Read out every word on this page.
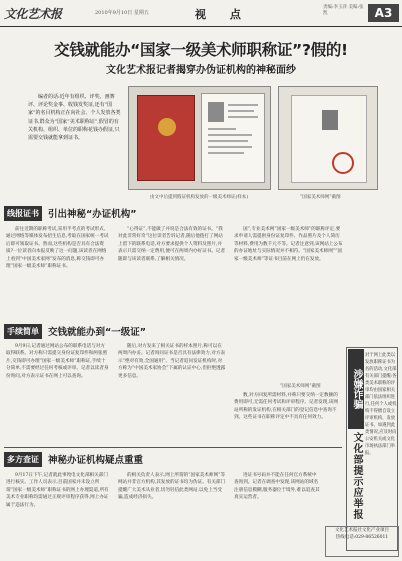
文化艺术报	2010年9月10日 星期五	视 点
责编:李玉萍 美编:张凯	A3
交钱就能办“国家一级美术师职称证”?假的!
文化艺术报记者揭穿办伪证机构的神秘面纱
编者的话:近年有组织、评奖、画赛评、评论奖金事、收钱发奖证,还有“国家”的名目机构正在向社会、个人发放各类证书,群众为“国家“美术职称证”,假冒的有关机构、组织、单位的职称花钱办假证,只需要交钱就能拿到证书。
由文中后提到假证机构发放的一级美术师证(样本)	“国家美术师网”截图
线报证书 引出神秘“办证机构”
前往近期的职称考试,采用半考点的考试形式,通过网络等媒体发布招生信息,考取在国家统一考试后即可领取证书。然而,这些机构是否具有合法资质?一位读者向本报反映了这一问题,该读者在网络上看到“中国美术家网”发布的消息,称交钱即可办理“国家一级美术师”职称证书。
“心得证”,不能做了并说是合法有效的证书。“我对此非常好奇”这位读者告诉记者,随后他拨打了网站上留下的联系电话,对方要求提供个人资料及照片,并表示只需交纳一定费用,便可在两周内办好证书。记者随即与该读者联系,了解相关情况。
国”,专业美术网“国家一级美术师”的职称评定,要求申请人需提供身份证复印件、作品照片及个人简历等材料,费用为数千元不等。记者注意到,该网站上公布的办证地址与实际情况并不相符。“国家美术师网”“国家一级美术师”等证书目前在网上仍在发放。
“国家美术师网”截图
手续简单 交钱就能办到“一级证”
9月9日,记者通过网站公布的联系电话与对方取得联系。对方称只需提交身份证复印件和两张照片,交钱即可办理“国家一级美术师”职称证,手续十分简单,不需要经过任何考核或评审。记者以读者身份询问,对方表示证书在网上可以查询。
随后,对方发来了相关证书的样本照片,称可以在两周内办妥。记者询问证书是否具有法律效力,对方表示“绝对有效,全国通用”。当记者追问发证机构时,对方称为“中国美术家协会”下属的认证中心,但拒绝透露更多信息。
数,对方回复所需材料,并称只要交纳一定数额的费用即可,无需任何考试和评审程序。记者发现,该网站所称的发证机构,在相关部门的登记信息中查询不到。这些证书在职称评定中不具有任何效力。
多方查证 神秘办证机构疑点重重
9月17日下午,记者就此事致电文化部相关部门进行核实。工作人员表示,目前国家并未设立所谓“国家一级美术师”职称证书的网上办理渠道,所有美术专业职称均需通过正规评审程序获得,网上办证属于违法行为。
的相关负责人表示,网上所谓的“国家美术师网”等网站并非官方机构,其发放的证书均为伪证。有关部门提醒广大美术从业者,切勿轻信此类网站,以免上当受骗,造成经济损失。
进证书号码并不能在任何官方系统中查询到。记者在调查中发现,该网站的域名注册信息模糊,服务器位于境外,难以追查其真实运营者。
涉嫌诈骗
文化部提示应举报
对于网上此类以发放职称证书为名的活动,文化部有关部门提醒:各类美术职称的评审均由国家相关部门依法组织进行,任何个人或机构不得擅自设立评审机构、发放证书。如遇到此类情况,应及时向公安机关或文化市场执法部门举报。
文化艺术报社文化产业项目
热线电话:029-86526011
